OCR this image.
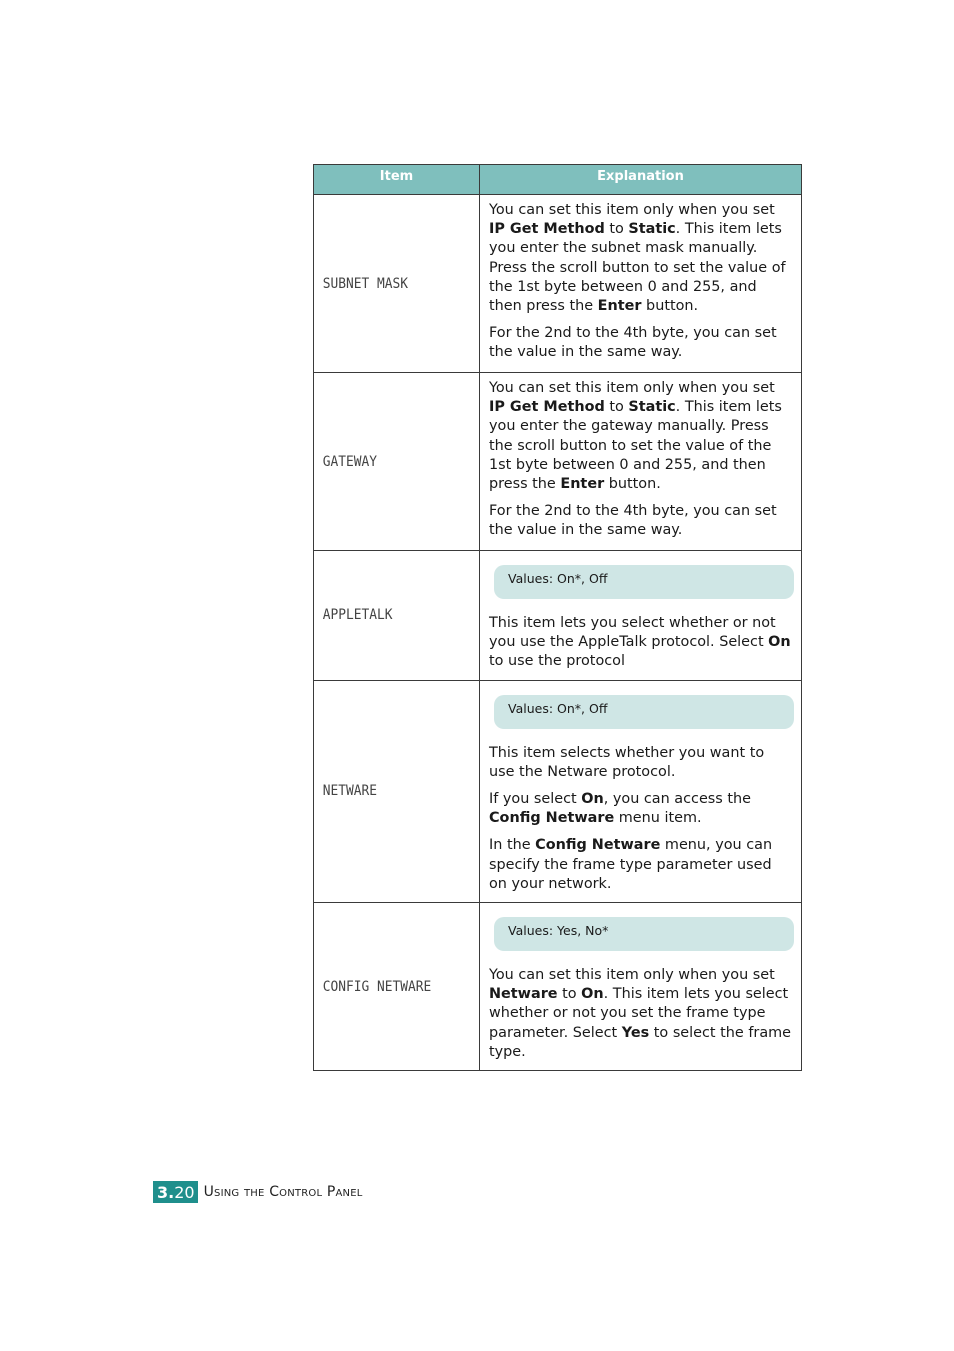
Item	Explanation
SUBNET MASK	You can set this item only when you set IP Get Method to Static. This item lets you enter the subnet mask manually. Press the scroll button to set the value of the 1st byte between 0 and 255, and then press the Enter button.

For the 2nd to the 4th byte, you can set the value in the same way.

GATEWAY	You can set this item only when you set IP Get Method to Static. This item lets you enter the gateway manually. Press the scroll button to set the value of the 1st byte between 0 and 255, and then press the Enter button.

For the 2nd to the 4th byte, you can set the value in the same way.

APPLETALK	Values: On*, Off

This item lets you select whether or not you use the AppleTalk protocol. Select On to use the protocol

NETWARE	Values: On*, Off

This item selects whether you want to use the Netware protocol.

If you select On, you can access the Config Netware menu item.

In the Config Netware menu, you can specify the frame type parameter used on your network.

CONFIG NETWARE	Values: Yes, No*

You can set this item only when you set Netware to On. This item lets you select whether or not you set the frame type parameter. Select Yes to select the frame type.

3. 20 Using the Control Panel
